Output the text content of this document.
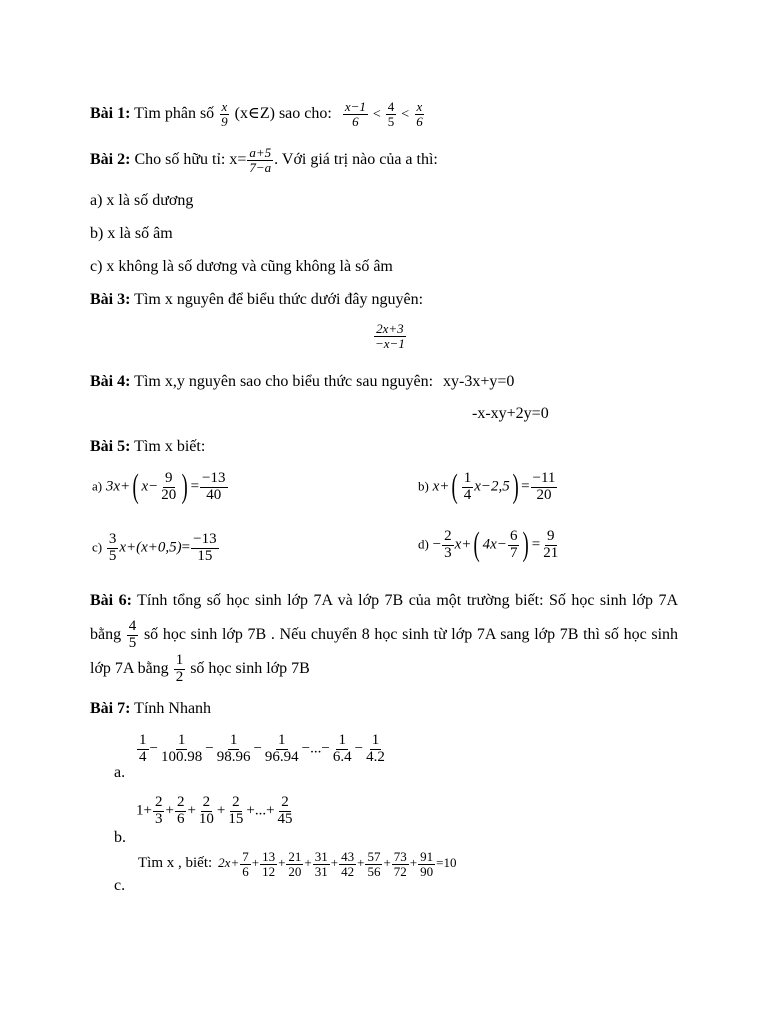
Bài 1: Tìm phân số $\frac{x}{9}$ (x∈Z) sao cho: $\frac{x-1}{6} < \frac{4}{5} < \frac{x}{6}$
Bài 2: Cho số hữu tỉ: $x= \frac{a+5}{7-a}$ . Với giá trị nào của a thì:
a) x là số dương
b) x là số âm
c) x không là số dương và cũng không là số âm
Bài 3: Tìm x nguyên để biểu thức dưới đây nguyên:
$\frac{2x+3}{-x-1}$
Bài 4: Tìm x,y nguyên sao cho biểu thức sau nguyên: xy-3x+y=0
-x-xy+2y=0
Bài 5: Tìm x biết:
a) 3x+( $x- \frac{9}{20}$ ) = $\frac{-13}{40}$	b) $x+( \frac{1}{4} x-2,5) = \frac{-11}{20}$
$c) \frac{3}{5} x+(x+0,5)= \frac{-13}{15}$	$d) - \frac{2}{3} x+$( $4x- \frac{6}{7}$ ) = $\frac{9}{21}$
Bài 6: Tính tổng số học sinh lớp 7A và lớp 7B của một trường biết: Số học sinh lớp 7A bằng $\frac{4}{5}$ số học sinh lớp 7B . Nếu chuyển 8 học sinh từ lớp 7A sang lớp 7B thì số học sinh lớp 7A bằng $\frac{1}{2}$ số học sinh lớp 7B
Bài 7: Tính Nhanh
a.
$\frac{1}{4} - \frac{1}{100.98} - \frac{1}{98.96} - \frac{1}{96.94}$ −...− $\frac{1}{6.4} - \frac{1}{4.2}$
b.
$1+ \frac{2}{3} + \frac{2}{6} + \frac{2}{10} + \frac{2}{15}$ +...+ $\frac{2}{45}$
c.
Tìm x , biết: $2x+ \frac{7}{6} + \frac{13}{12} + \frac{21}{20} + \frac{31}{31} + \frac{43}{42} + \frac{57}{56} + \frac{73}{72} + \frac{91}{90} =10$
